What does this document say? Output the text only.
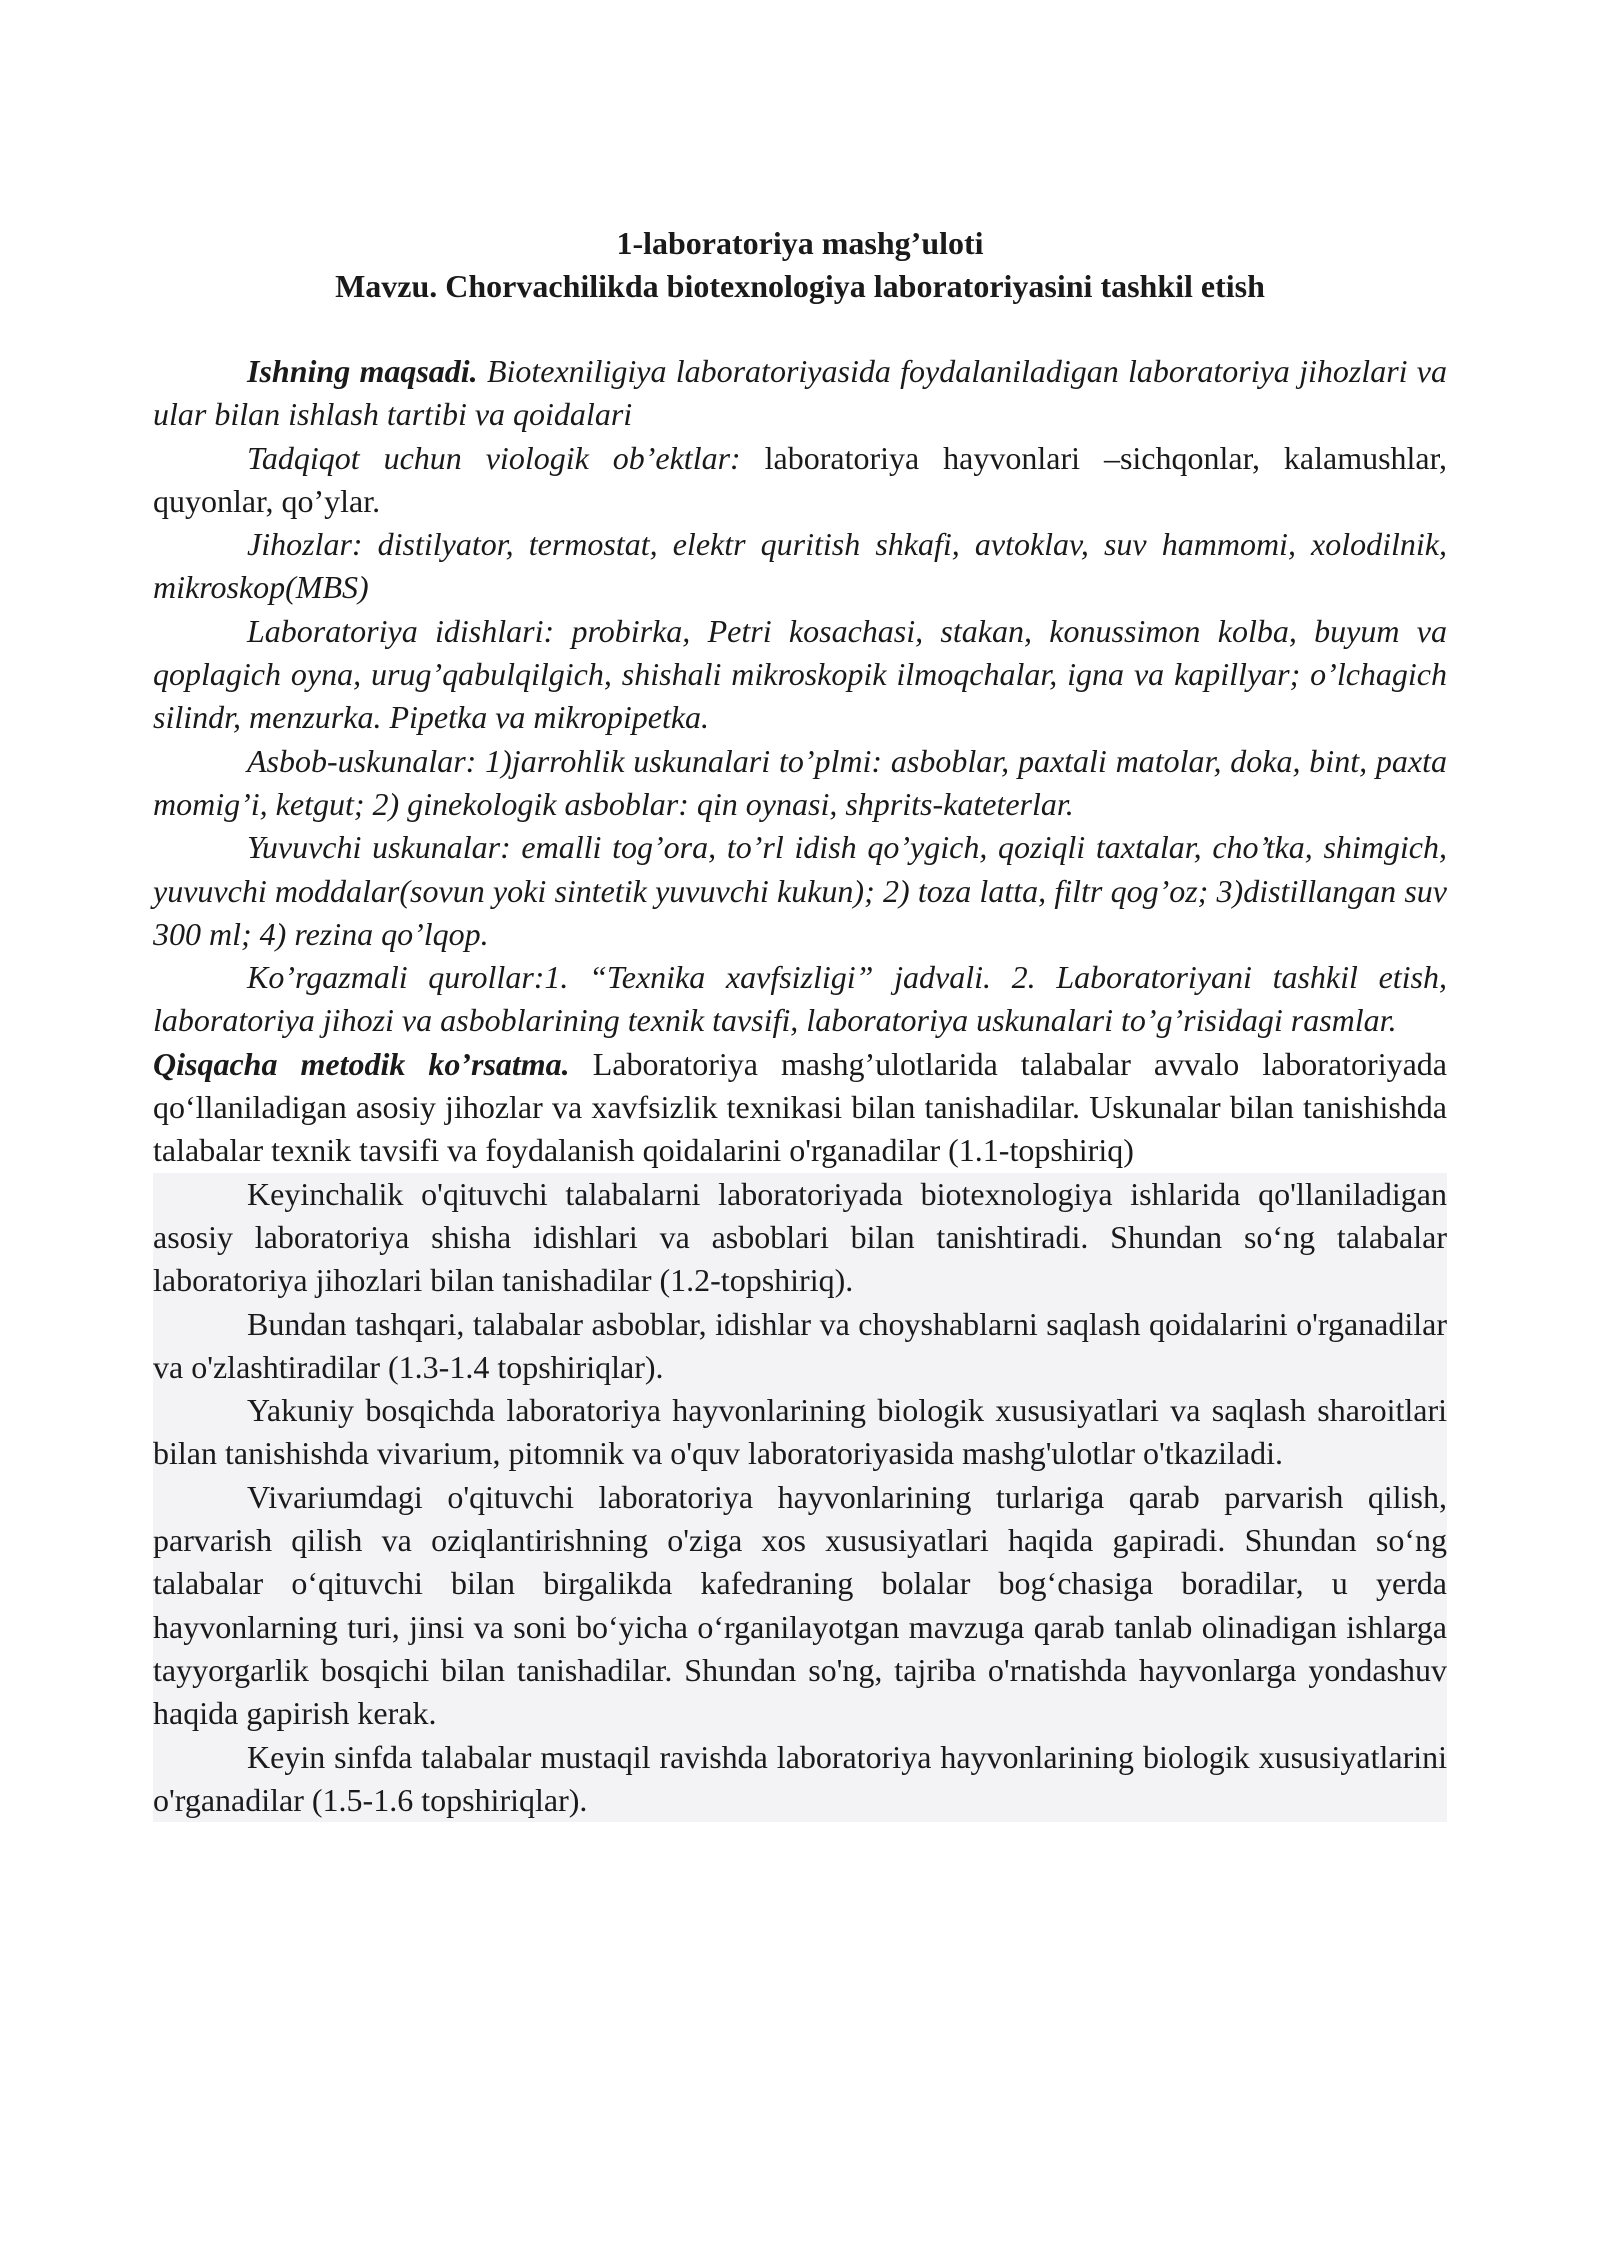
1-laboratoriya mashg’uloti
Mavzu. Chorvachilikda biotexnologiya laboratoriyasini tashkil etish

Ishning maqsadi. Biotexniligiya laboratoriyasida foydalaniladigan laboratoriya jihozlari va ular bilan ishlash tartibi va qoidalari

Tadqiqot uchun viologik ob’ektlar: laboratoriya hayvonlari –sichqonlar, kalamushlar, quyonlar, qo’ylar.

Jihozlar: distilyator, termostat, elektr quritish shkafi, avtoklav, suv hammomi, xolodilnik, mikroskop(MBS)

Laboratoriya idishlari: probirka, Petri kosachasi, stakan, konussimon kolba, buyum va qoplagich oyna, urug’qabulqilgich, shishali mikroskopik ilmoqchalar, igna va kapillyar; o’lchagich silindr, menzurka. Pipetka va mikropipetka.

Asbob-uskunalar: 1)jarrohlik uskunalari to’plmi: asboblar, paxtali matolar, doka, bint, paxta momig’i, ketgut; 2) ginekologik asboblar: qin oynasi, shprits-kateterlar.

Yuvuvchi uskunalar: emalli tog’ora, to’rl idish qo’ygich, qoziqli taxtalar, cho’tka, shimgich, yuvuvchi moddalar(sovun yoki sintetik yuvuvchi kukun); 2) toza latta, filtr qog’oz; 3)distillangan suv 300 ml; 4) rezina qo’lqop.

Ko’rgazmali qurollar:1. “Texnika xavfsizligi” jadvali. 2. Laboratoriyani tashkil etish, laboratoriya jihozi va asboblarining texnik tavsifi, laboratoriya uskunalari to’g’risidagi rasmlar.

Qisqacha metodik ko’rsatma. Laboratoriya mashg’ulotlarida talabalar avvalo laboratoriyada qo‘llaniladigan asosiy jihozlar va xavfsizlik texnikasi bilan tanishadilar. Uskunalar bilan tanishishda talabalar texnik tavsifi va foydalanish qoidalarini o'rganadilar (1.1-topshiriq)

Keyinchalik o'qituvchi talabalarni laboratoriyada biotexnologiya ishlarida qo'llaniladigan asosiy laboratoriya shisha idishlari va asboblari bilan tanishtiradi. Shundan so‘ng talabalar laboratoriya jihozlari bilan tanishadilar (1.2-topshiriq).

Bundan tashqari, talabalar asboblar, idishlar va choyshablarni saqlash qoidalarini o'rganadilar va o'zlashtiradilar (1.3-1.4 topshiriqlar).

Yakuniy bosqichda laboratoriya hayvonlarining biologik xususiyatlari va saqlash sharoitlari bilan tanishishda vivarium, pitomnik va o'quv laboratoriyasida mashg'ulotlar o'tkaziladi.

Vivariumdagi o'qituvchi laboratoriya hayvonlarining turlariga qarab parvarish qilish, parvarish qilish va oziqlantirishning o'ziga xos xususiyatlari haqida gapiradi. Shundan so‘ng talabalar o‘qituvchi bilan birgalikda kafedraning bolalar bog‘chasiga boradilar, u yerda hayvonlarning turi, jinsi va soni bo‘yicha o‘rganilayotgan mavzuga qarab tanlab olinadigan ishlarga tayyorgarlik bosqichi bilan tanishadilar. Shundan so'ng, tajriba o'rnatishda hayvonlarga yondashuv haqida gapirish kerak.

Keyin sinfda talabalar mustaqil ravishda laboratoriya hayvonlarining biologik xususiyatlarini o'rganadilar (1.5-1.6 topshiriqlar).
